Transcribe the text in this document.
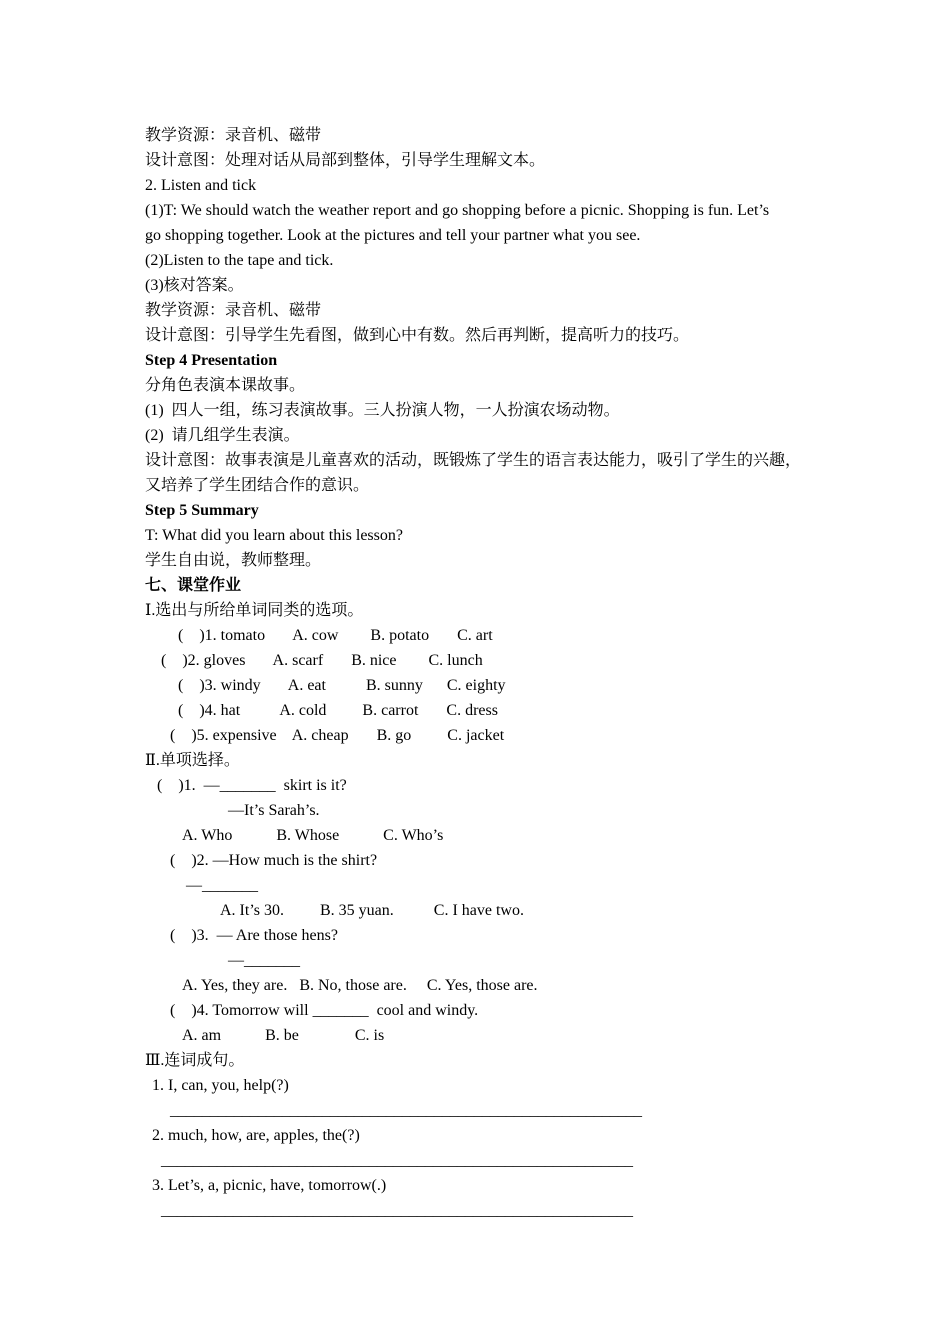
教学资源：录音机、磁带
设计意图：处理对话从局部到整体，引导学生理解文本。
2. Listen and tick
(1)T: We should watch the weather report and go shopping before a picnic. Shopping is fun. Let’s
go shopping together. Look at the pictures and tell your partner what you see.
(2)Listen to the tape and tick.
(3)核对答案。
教学资源：录音机、磁带
设计意图：引导学生先看图，做到心中有数。然后再判断，提高听力的技巧。
Step 4 Presentation
分角色表演本课故事。
(1)  四人一组，练习表演故事。三人扮演人物，一人扮演农场动物。
(2)  请几组学生表演。
设计意图：故事表演是儿童喜欢的活动，既锻炼了学生的语言表达能力，吸引了学生的兴趣，
又培养了学生团结合作的意识。
Step 5 Summary
T: What did you learn about this lesson?
学生自由说，教师整理。
七、课堂作业
Ⅰ.选出与所给单词同类的选项。
(    )1. tomato       A. cow        B. potato       C. art
(    )2. gloves       A. scarf       B. nice        C. lunch
(    )3. windy       A. eat          B. sunny      C. eighty
(    )4. hat          A. cold         B. carrot       C. dress
(    )5. expensive    A. cheap       B. go         C. jacket
Ⅱ.单项选择。
(    )1.  —_______  skirt is it?
—It’s Sarah’s.
A. Who           B. Whose           C. Who’s
(    )2. —How much is the shirt?
—_______
A. It’s 30.         B. 35 yuan.          C. I have two.
(    )3.  — Are those hens?
—_______
A. Yes, they are.   B. No, those are.     C. Yes, those are.
(    )4. Tomorrow will _______  cool and windy.
A. am           B. be              C. is
Ⅲ.连词成句。
1. I, can, you, help(?)
___________________________________________________________
2. much, how, are, apples, the(?)
___________________________________________________________
3. Let’s, a, picnic, have, tomorrow(.)
___________________________________________________________
